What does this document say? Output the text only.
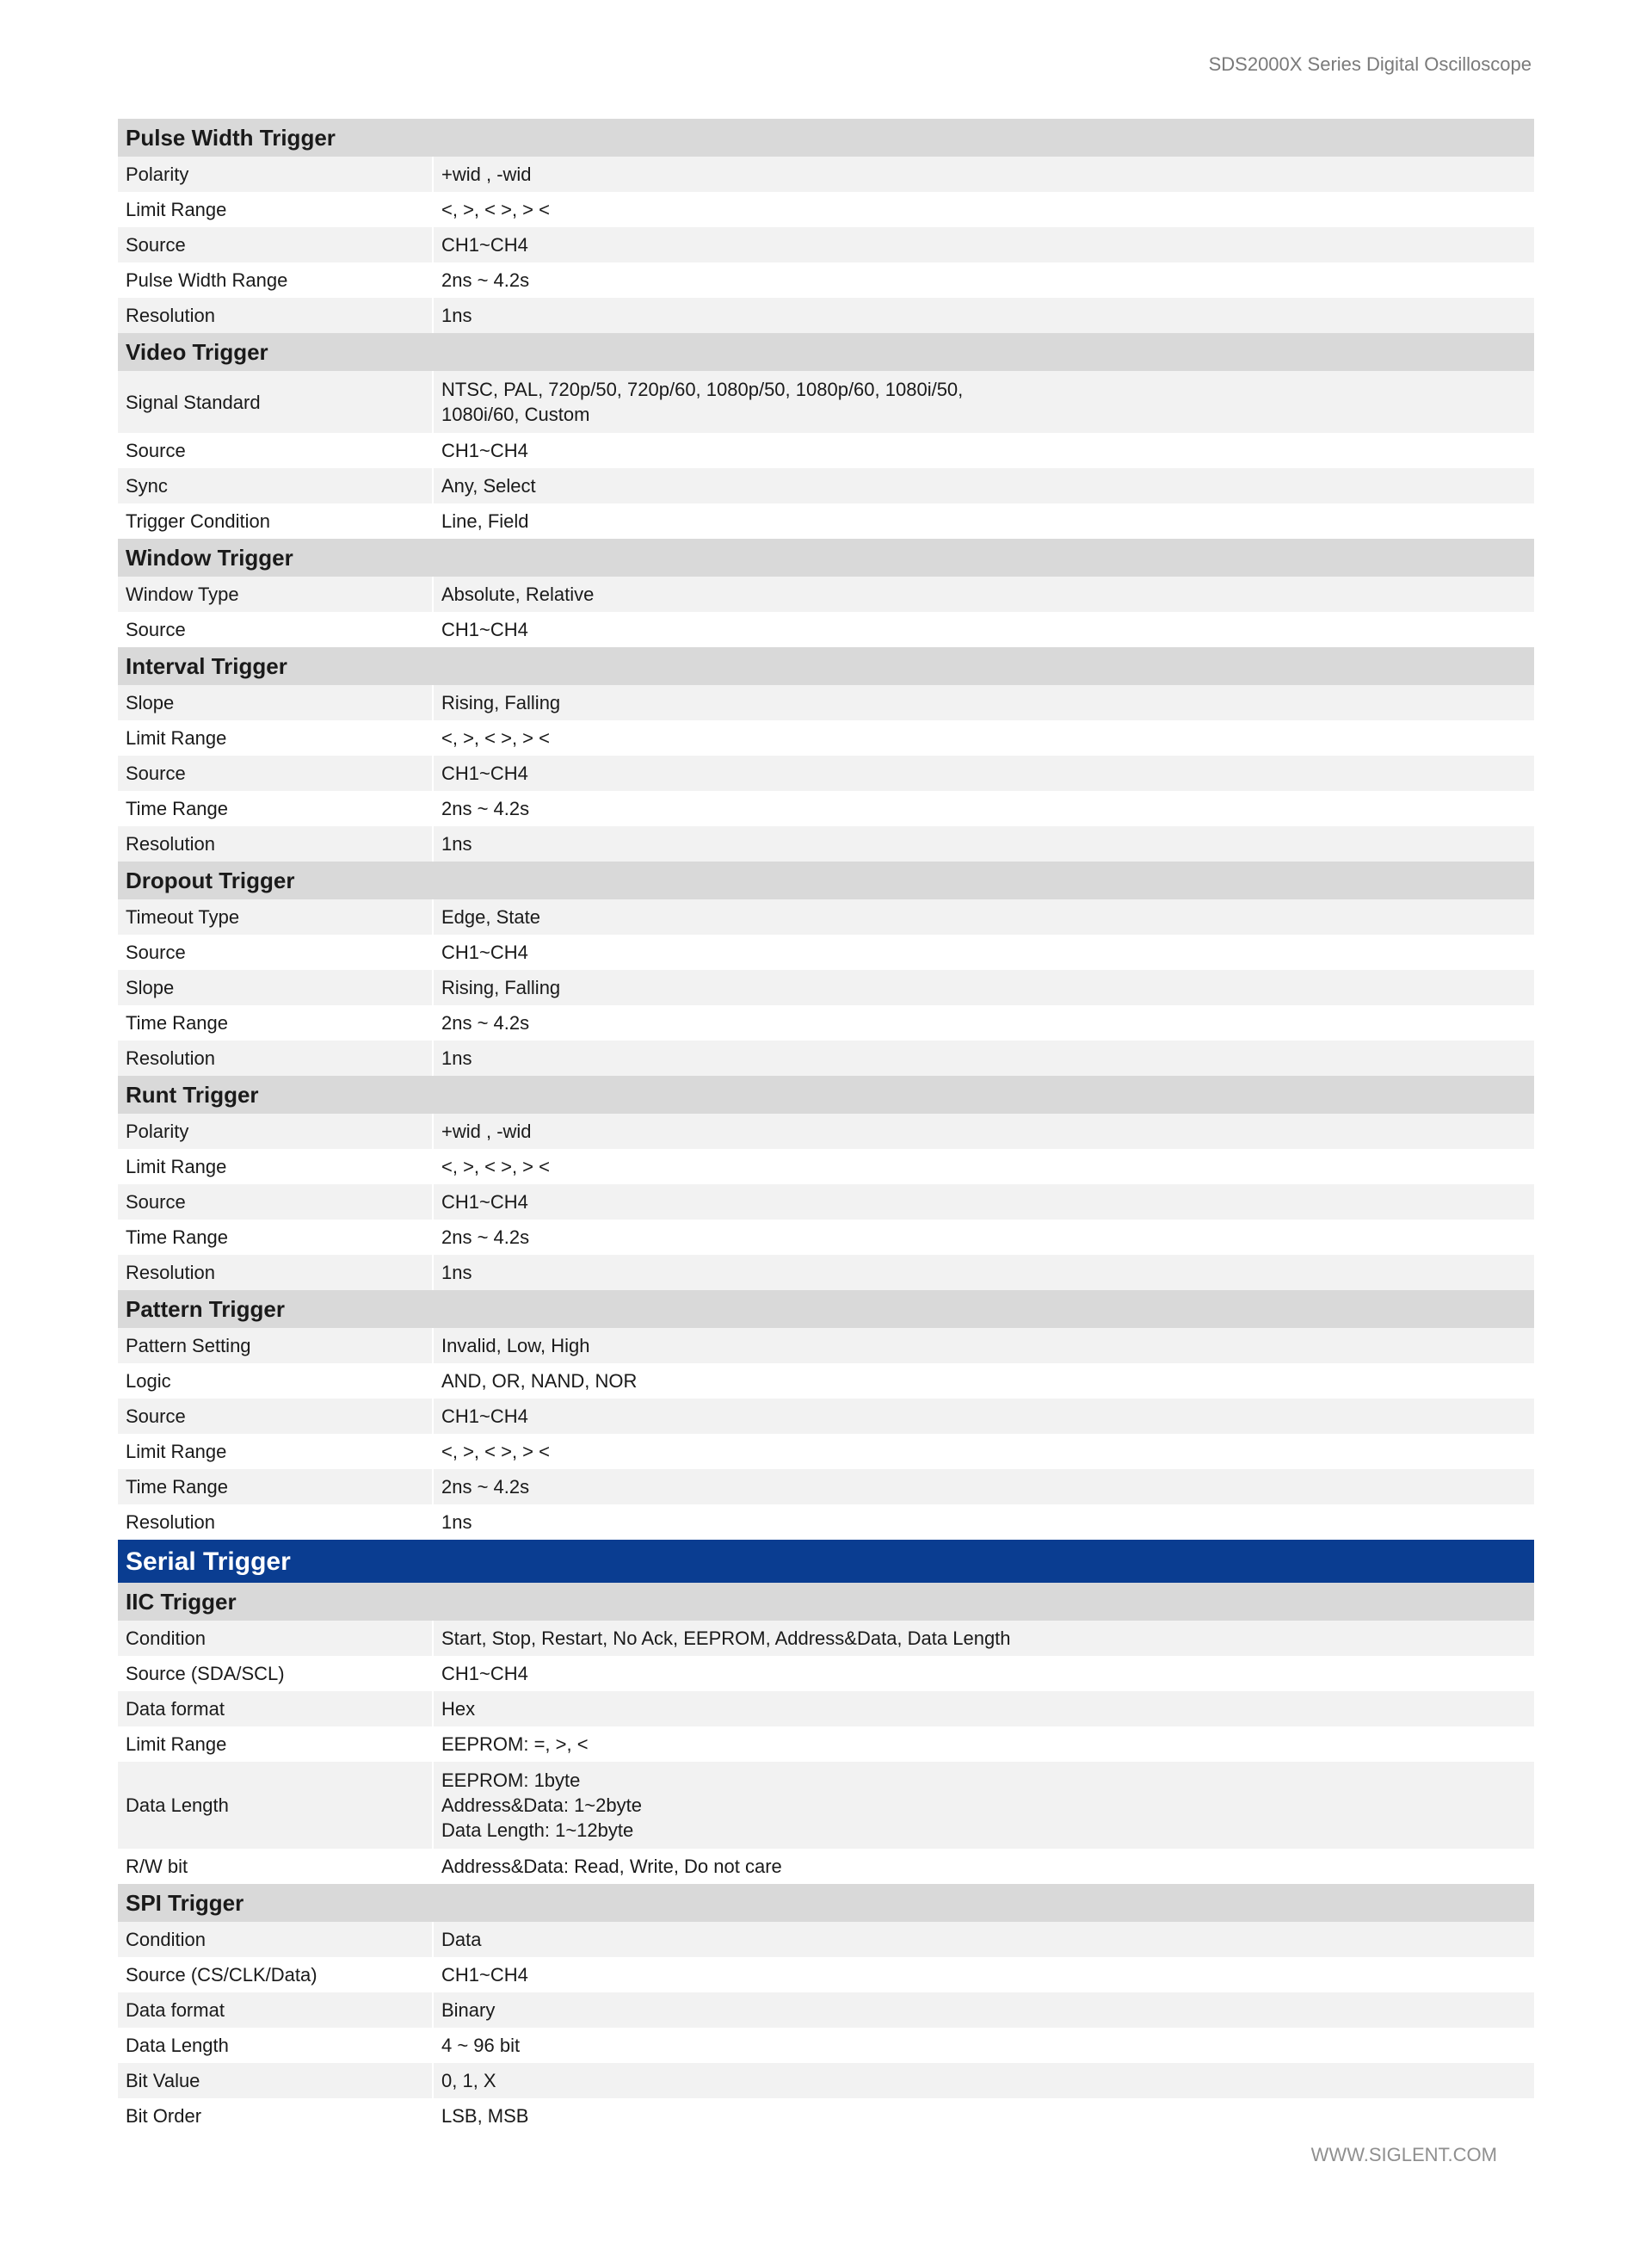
SDS2000X Series Digital Oscilloscope
Pulse Width Trigger	
Polarity	+wid , -wid

Limit Range	<, >, < >, > <

Source	CH1~CH4

Pulse Width Range	2ns ~ 4.2s

Resolution	1ns

Video Trigger	
Signal Standard	NTSC, PAL, 720p/50, 720p/60, 1080p/50, 1080p/60, 1080i/50,
1080i/60, Custom

Source	CH1~CH4

Sync	Any, Select

Trigger Condition	Line, Field

Window Trigger	
Window Type	Absolute, Relative

Source	CH1~CH4

Interval Trigger	
Slope	Rising, Falling

Limit Range	<, >, < >, > <

Source	CH1~CH4

Time Range	2ns ~ 4.2s

Resolution	1ns

Dropout Trigger	
Timeout Type	Edge, State

Source	CH1~CH4

Slope	Rising, Falling

Time Range	2ns ~ 4.2s

Resolution	1ns

Runt Trigger	
Polarity	+wid , -wid

Limit Range	<, >, < >, > <

Source	CH1~CH4

Time Range	2ns ~ 4.2s

Resolution	1ns

Pattern Trigger	
Pattern Setting	Invalid, Low, High

Logic	AND, OR, NAND, NOR

Source	CH1~CH4

Limit Range	<, >, < >, > <

Time Range	2ns ~ 4.2s

Resolution	1ns

Serial Trigger	
IIC Trigger	
Condition	Start, Stop, Restart, No Ack, EEPROM, Address&Data, Data Length

Source (SDA/SCL)	CH1~CH4

Data format	Hex

Limit Range	EEPROM: =, >, <

Data Length	EEPROM: 1byte
Address&Data: 1~2byte
Data Length: 1~12byte

R/W bit	Address&Data: Read, Write, Do not care

SPI Trigger	
Condition	Data

Source (CS/CLK/Data)	CH1~CH4

Data format	Binary

Data Length	4 ~ 96 bit

Bit Value	0, 1, X

Bit Order	LSB, MSB
WWW.SIGLENT.COM
